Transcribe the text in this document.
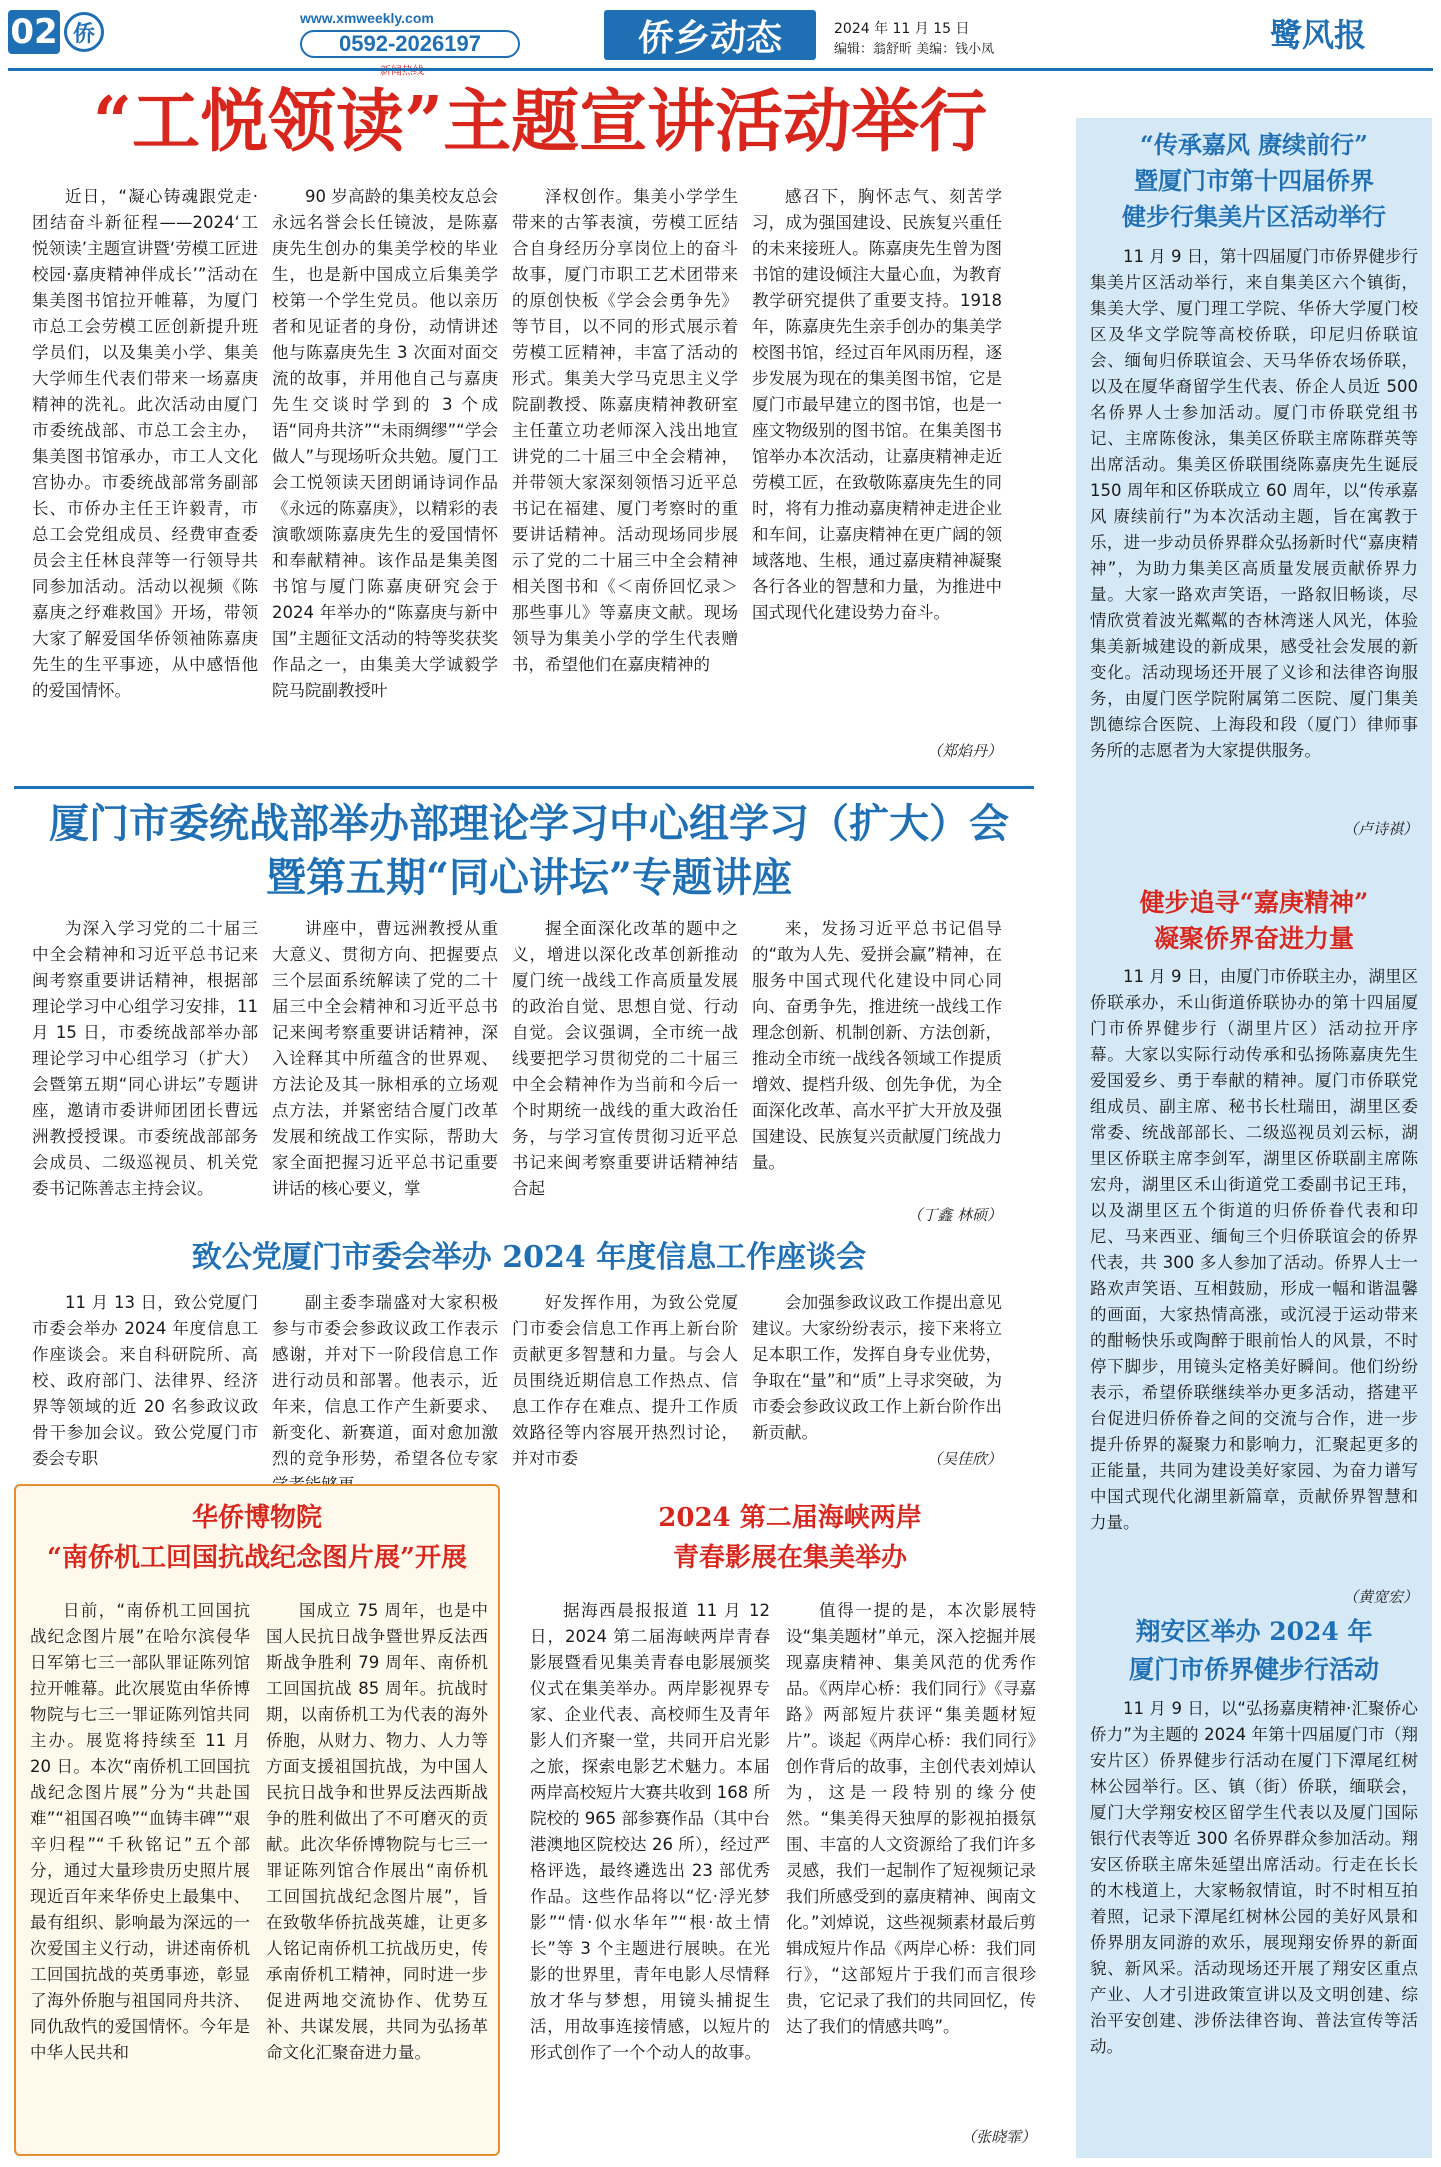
02 侨
www.xmweekly.com
0592-2026197	侨乡动态	2024 年 11 月 15 日
编辑：翁舒昕 美编：钱小凤	鹭风报
“工悦领读”主题宣讲活动举行
近日，“凝心铸魂跟党走·团结奋斗新征程——2024‘工悦领读’主题宣讲暨‘劳模工匠进校园·嘉庚精神伴成长’”活动在集美图书馆拉开帷幕，为厦门市总工会劳模工匠创新提升班学员们，以及集美小学、集美大学师生代表们带来一场嘉庚精神的洗礼。此次活动由厦门市委统战部、市总工会主办，集美图书馆承办，市工人文化宫协办。市委统战部常务副部长、市侨办主任王许毅青，市总工会党组成员、经费审查委员会主任林良萍等一行领导共同参加活动。活动以视频《陈嘉庚之纾难救国》开场，带领大家了解爱国华侨领袖陈嘉庚先生的生平事迹，从中感悟他的爱国情怀。
90 岁高龄的集美校友总会永远名誉会长任镜波，是陈嘉庚先生创办的集美学校的毕业生，也是新中国成立后集美学校第一个学生党员。他以亲历者和见证者的身份，动情讲述他与陈嘉庚先生 3 次面对面交流的故事，并用他自己与嘉庚先生交谈时学到的 3 个成语“同舟共济”“未雨绸缪”“学会做人”与现场听众共勉。厦门工会工悦领读天团朗诵诗词作品《永远的陈嘉庚》，以精彩的表演歌颂陈嘉庚先生的爱国情怀和奉献精神。该作品是集美图书馆与厦门陈嘉庚研究会于 2024 年举办的“陈嘉庚与新中国”主题征文活动的特等奖获奖作品之一，由集美大学诚毅学院马院副教授叶
泽权创作。集美小学学生带来的古筝表演，劳模工匠结合自身经历分享岗位上的奋斗故事，厦门市职工艺术团带来的原创快板《学会会勇争先》等节目，以不同的形式展示着劳模工匠精神，丰富了活动的形式。集美大学马克思主义学院副教授、陈嘉庚精神教研室主任董立功老师深入浅出地宣讲党的二十届三中全会精神，并带领大家深刻领悟习近平总书记在福建、厦门考察时的重要讲话精神。活动现场同步展示了党的二十届三中全会精神相关图书和《＜南侨回忆录＞那些事儿》等嘉庚文献。现场领导为集美小学的学生代表赠书，希望他们在嘉庚精神的
感召下，胸怀志气、刻苦学习，成为强国建设、民族复兴重任的未来接班人。陈嘉庚先生曾为图书馆的建设倾注大量心血，为教育教学研究提供了重要支持。1918 年，陈嘉庚先生亲手创办的集美学校图书馆，经过百年风雨历程，逐步发展为现在的集美图书馆，它是厦门市最早建立的图书馆，也是一座文物级别的图书馆。在集美图书馆举办本次活动，让嘉庚精神走近劳模工匠，在致敬陈嘉庚先生的同时，将有力推动嘉庚精神走进企业和车间，让嘉庚精神在更广阔的领域落地、生根，通过嘉庚精神凝聚各行各业的智慧和力量，为推进中国式现代化建设势力奋斗。
（郑焰丹）
厦门市委统战部举办部理论学习中心组学习（扩大）会
暨第五期“同心讲坛”专题讲座
为深入学习党的二十届三中全会精神和习近平总书记来闽考察重要讲话精神，根据部理论学习中心组学习安排，11 月 15 日，市委统战部举办部理论学习中心组学习（扩大）会暨第五期“同心讲坛”专题讲座，邀请市委讲师团团长曹远洲教授授课。市委统战部部务会成员、二级巡视员、机关党委书记陈善志主持会议。
讲座中，曹远洲教授从重大意义、贯彻方向、把握要点三个层面系统解读了党的二十届三中全会精神和习近平总书记来闽考察重要讲话精神，深入诠释其中所蕴含的世界观、方法论及其一脉相承的立场观点方法，并紧密结合厦门改革发展和统战工作实际，帮助大家全面把握习近平总书记重要讲话的核心要义，掌
握全面深化改革的题中之义，增进以深化改革创新推动厦门统一战线工作高质量发展的政治自觉、思想自觉、行动自觉。会议强调，全市统一战线要把学习贯彻党的二十届三中全会精神作为当前和今后一个时期统一战线的重大政治任务，与学习宣传贯彻习近平总书记来闽考察重要讲话精神结合起
来，发扬习近平总书记倡导的“敢为人先、爱拼会赢”精神，在服务中国式现代化建设中同心同向、奋勇争先，推进统一战线工作理念创新、机制创新、方法创新，推动全市统一战线各领域工作提质增效、提档升级、创先争优，为全面深化改革、高水平扩大开放及强国建设、民族复兴贡献厦门统战力量。
（丁鑫 林硕）
致公党厦门市委会举办 2024 年度信息工作座谈会
11 月 13 日，致公党厦门市委会举办 2024 年度信息工作座谈会。来自科研院所、高校、政府部门、法律界、经济界等领域的近 20 名参政议政骨干参加会议。致公党厦门市委会专职
副主委李瑞盛对大家积极参与市委会参政议政工作表示感谢，并对下一阶段信息工作进行动员和部署。他表示，近年来，信息工作产生新要求、新变化、新赛道，面对愈加激烈的竞争形势，希望各位专家
好发挥作用，为致公党厦门市委会信息工作再上新台阶贡献更多智慧和力量。与会人员围绕近期信息工作热点、信息工作存在难点、提升工作质效路径等内容展开热烈讨论，并对市委
会加强参政议政工作提出意见建议。大家纷纷表示，接下来将立足本职工作，发挥自身专业优势，争取在“量”和“质”上寻求突破，为市委会参政议政工作上新台阶作出新贡献。
（吴佳欣）
华侨博物院
“南侨机工回国抗战纪念图片展”开展
日前，“南侨机工回国抗战纪念图片展”在哈尔滨侵华日军第七三一部队罪证陈列馆拉开帷幕。此次展览由华侨博物院与七三一罪证陈列馆共同主办。展览将持续至 11 月 20 日。本次“南侨机工回国抗战纪念图片展”分为“共赴国难”“祖国召唤”“血铸丰碑”“艰辛归程”“千秋铭记”五个部分，通过大量珍贵历史照片展现近百年来华侨史上最集中、最有组织、影响最为深远的一次爱国主义行动，讲述南侨机工回国抗战的英勇事迹，彰显了海外侨胞与祖国同舟共济、同仇敌忾的爱国情怀。今年是中华人民共和
国成立 75 周年，也是中国人民抗日战争暨世界反法西斯战争胜利 79 周年、南侨机工回国抗战 85 周年。抗战时期，以南侨机工为代表的海外侨胞，从财力、物力、人力等方面支援祖国抗战，为中国人民抗日战争和世界反法西斯战争的胜利做出了不可磨灭的贡献。此次华侨博物院与七三一罪证陈列馆合作展出“南侨机工回国抗战纪念图片展”，旨在致敬华侨抗战英雄，让更多人铭记南侨机工抗战历史，传承南侨机工精神，同时进一步促进两地交流协作、优势互补、共谋发展，共同为弘扬革命文化汇聚奋进力量。
2024 第二届海峡两岸
青春影展在集美举办
据海西晨报报道 11 月 12 日，2024 第二届海峡两岸青春影展暨看见集美青春电影展颁奖仪式在集美举办。两岸影视界专家、企业代表、高校师生及青年影人们齐聚一堂，共同开启光影之旅，探索电影艺术魅力。本届两岸高校短片大赛共收到 168 所院校的 965 部参赛作品（其中台港澳地区院校达 26 所），经过严格评选，最终遴选出 23 部优秀作品。这些作品将以“忆·浮光梦影”“情·似水华年”“根·故土情长”等 3 个主题进行展映。在光影的世界里，青年电影人尽情释放才华与梦想，用镜头捕捉生活，用故事连接情感，以短片的形式创作了一个个动人的故事。
值得一提的是，本次影展特设“集美题材”单元，深入挖掘并展现嘉庚精神、集美风范的优秀作品。《两岸心桥：我们同行》《寻嘉路》两部短片获评“集美题材短片”。谈起《两岸心桥：我们同行》创作背后的故事，主创代表刘焯认为，这是一段特别的缘分使然。“集美得天独厚的影视拍摄氛围、丰富的人文资源给了我们许多灵感，我们一起制作了短视频记录我们所感受到的嘉庚精神、闽南文化。”刘焯说，这些视频素材最后剪辑成短片作品《两岸心桥：我们同行》，“这部短片于我们而言很珍贵，它记录了我们的共同回忆，传达了我们的情感共鸣”。
（张晓霏）
“传承嘉风 赓续前行”
暨厦门市第十四届侨界
健步行集美片区活动举行
11 月 9 日，第十四届厦门市侨界健步行集美片区活动举行，来自集美区六个镇街，集美大学、厦门理工学院、华侨大学厦门校区及华文学院等高校侨联，印尼归侨联谊会、缅甸归侨联谊会、天马华侨农场侨联，以及在厦华裔留学生代表、侨企人员近 500 名侨界人士参加活动。厦门市侨联党组书记、主席陈俊泳，集美区侨联主席陈群英等出席活动。集美区侨联围绕陈嘉庚先生诞辰 150 周年和区侨联成立 60 周年，以“传承嘉风 赓续前行”为本次活动主题，旨在寓教于乐，进一步动员侨界群众弘扬新时代“嘉庚精神”，为助力集美区高质量发展贡献侨界力量。大家一路欢声笑语，一路叙旧畅谈，尽情欣赏着波光粼粼的杏林湾迷人风光，体验集美新城建设的新成果，感受社会发展的新变化。活动现场还开展了义诊和法律咨询服务，由厦门医学院附属第二医院、厦门集美凯德综合医院、上海段和段（厦门）律师事务所的志愿者为大家提供服务。
（卢诗祺）
健步追寻“嘉庚精神”
凝聚侨界奋进力量
11 月 9 日，由厦门市侨联主办，湖里区侨联承办，禾山街道侨联协办的第十四届厦门市侨界健步行（湖里片区）活动拉开序幕。大家以实际行动传承和弘扬陈嘉庚先生爱国爱乡、勇于奉献的精神。厦门市侨联党组成员、副主席、秘书长杜瑞田，湖里区委常委、统战部部长、二级巡视员刘云标，湖里区侨联主席李剑军，湖里区侨联副主席陈宏舟，湖里区禾山街道党工委副书记王玮，以及湖里区五个街道的归侨侨眷代表和印尼、马来西亚、缅甸三个归侨联谊会的侨界代表，共 300 多人参加了活动。侨界人士一路欢声笑语、互相鼓励，形成一幅和谐温馨的画面，大家热情高涨，或沉浸于运动带来的酣畅快乐或陶醉于眼前怡人的风景，不时停下脚步，用镜头定格美好瞬间。他们纷纷表示，希望侨联继续举办更多活动，搭建平台促进归侨侨眷之间的交流与合作，进一步提升侨界的凝聚力和影响力，汇聚起更多的正能量，共同为建设美好家园、为奋力谱写中国式现代化湖里新篇章，贡献侨界智慧和力量。
（黄宽宏）
翔安区举办 2024 年
厦门市侨界健步行活动
11 月 9 日，以“弘扬嘉庚精神·汇聚侨心侨力”为主题的 2024 年第十四届厦门市（翔安片区）侨界健步行活动在厦门下潭尾红树林公园举行。区、镇（街）侨联，缅联会，厦门大学翔安校区留学生代表以及厦门国际银行代表等近 300 名侨界群众参加活动。翔安区侨联主席朱延望出席活动。行走在长长的木栈道上，大家畅叙情谊，时不时相互拍着照，记录下潭尾红树林公园的美好风景和侨界朋友同游的欢乐，展现翔安侨界的新面貌、新风采。活动现场还开展了翔安区重点产业、人才引进政策宣讲以及文明创建、综治平安创建、涉侨法律咨询、普法宣传等活动。
